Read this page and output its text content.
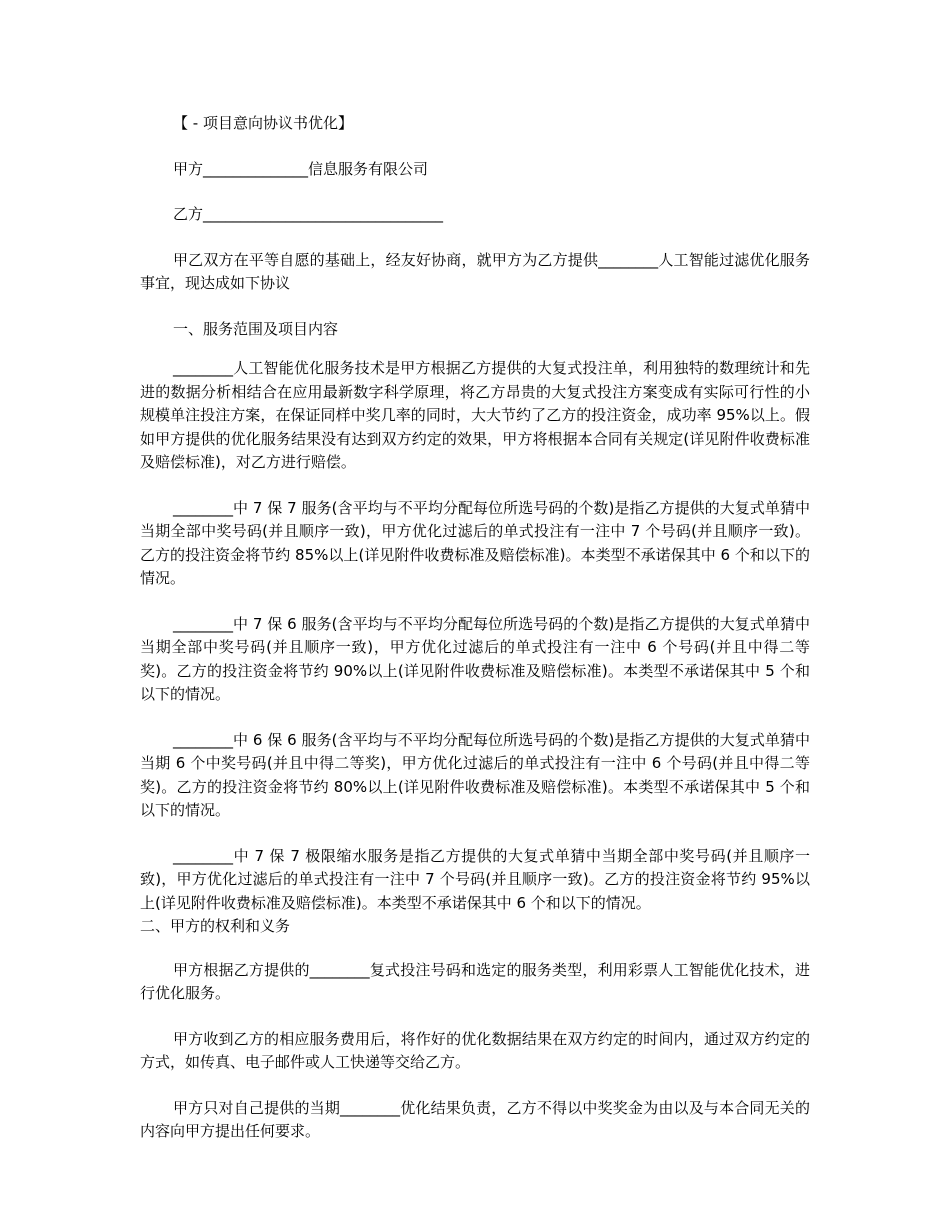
【 - 项目意向协议书优化】

甲方______________信息服务有限公司

乙方________________________________

甲乙双方在平等自愿的基础上，经友好协商，就甲方为乙方提供________人工智能过滤优化服务事宜，现达成如下协议

一、服务范围及项目内容

________人工智能优化服务技术是甲方根据乙方提供的大复式投注单，利用独特的数理统计和先进的数据分析相结合在应用最新数字科学原理，将乙方昂贵的大复式投注方案变成有实际可行性的小规模单注投注方案，在保证同样中奖几率的同时，大大节约了乙方的投注资金，成功率 95%以上。假如甲方提供的优化服务结果没有达到双方约定的效果，甲方将根据本合同有关规定(详见附件收费标准及赔偿标准)，对乙方进行赔偿。

________中 7 保 7 服务(含平均与不平均分配每位所选号码的个数)是指乙方提供的大复式单猜中当期全部中奖号码(并且顺序一致)，甲方优化过滤后的单式投注有一注中 7 个号码(并且顺序一致)。乙方的投注资金将节约 85%以上(详见附件收费标准及赔偿标准)。本类型不承诺保其中 6 个和以下的情况。

________中 7 保 6 服务(含平均与不平均分配每位所选号码的个数)是指乙方提供的大复式单猜中当期全部中奖号码(并且顺序一致)，甲方优化过滤后的单式投注有一注中 6 个号码(并且中得二等奖)。乙方的投注资金将节约 90%以上(详见附件收费标准及赔偿标准)。本类型不承诺保其中 5 个和以下的情况。

________中 6 保 6 服务(含平均与不平均分配每位所选号码的个数)是指乙方提供的大复式单猜中当期 6 个中奖号码(并且中得二等奖)，甲方优化过滤后的单式投注有一注中 6 个号码(并且中得二等奖)。乙方的投注资金将节约 80%以上(详见附件收费标准及赔偿标准)。本类型不承诺保其中 5 个和以下的情况。

________中 7 保 7 极限缩水服务是指乙方提供的大复式单猜中当期全部中奖号码(并且顺序一致)，甲方优化过滤后的单式投注有一注中 7 个号码(并且顺序一致)。乙方的投注资金将节约 95%以上(详见附件收费标准及赔偿标准)。本类型不承诺保其中 6 个和以下的情况。

二、甲方的权利和义务

甲方根据乙方提供的________复式投注号码和选定的服务类型，利用彩票人工智能优化技术，进行优化服务。

甲方收到乙方的相应服务费用后，将作好的优化数据结果在双方约定的时间内，通过双方约定的方式，如传真、电子邮件或人工快递等交给乙方。

甲方只对自己提供的当期________优化结果负责，乙方不得以中奖奖金为由以及与本合同无关的内容向甲方提出任何要求。
